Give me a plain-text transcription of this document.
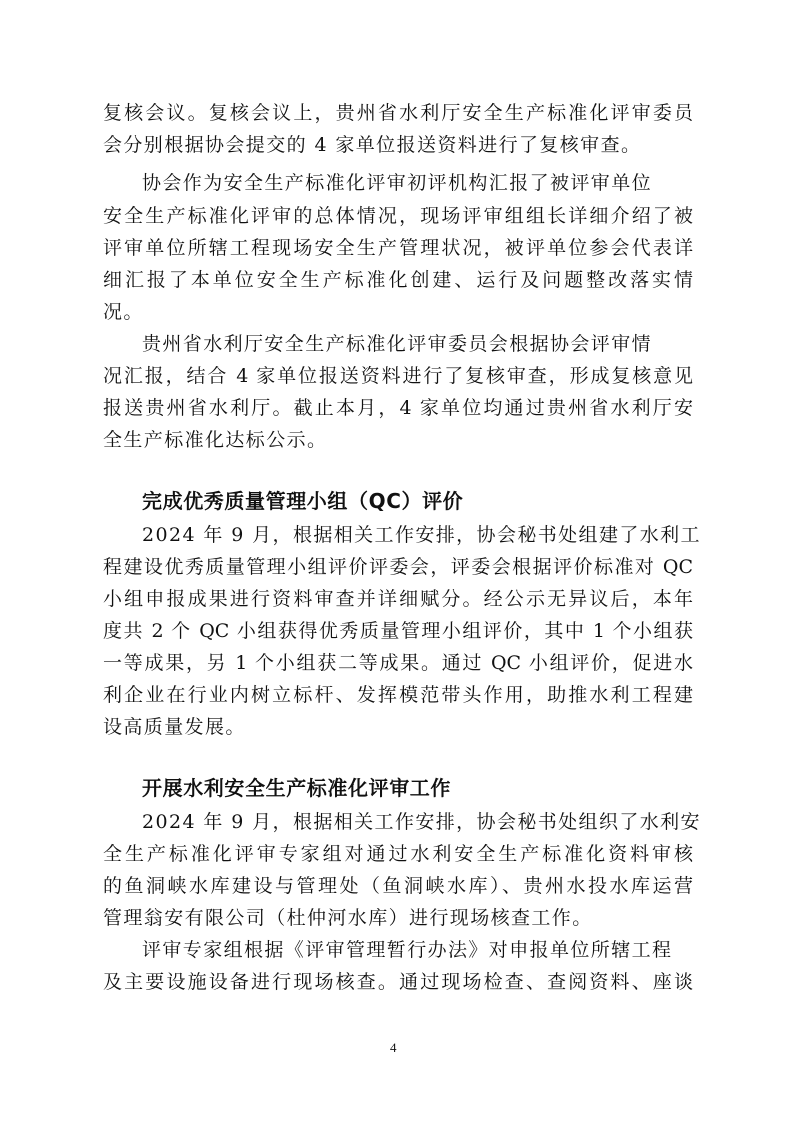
复核会议。复核会议上，贵州省水利厅安全生产标准化评审委员
会分别根据协会提交的 4 家单位报送资料进行了复核审查。
协会作为安全生产标准化评审初评机构汇报了被评审单位
安全生产标准化评审的总体情况，现场评审组组长详细介绍了被
评审单位所辖工程现场安全生产管理状况，被评单位参会代表详
细汇报了本单位安全生产标准化创建、运行及问题整改落实情
况。
贵州省水利厅安全生产标准化评审委员会根据协会评审情
况汇报，结合 4 家单位报送资料进行了复核审查，形成复核意见
报送贵州省水利厅。截止本月，4 家单位均通过贵州省水利厅安
全生产标准化达标公示。
完成优秀质量管理小组（QC）评价
2024 年 9 月，根据相关工作安排，协会秘书处组建了水利工
程建设优秀质量管理小组评价评委会，评委会根据评价标准对 QC
小组申报成果进行资料审查并详细赋分。经公示无异议后，本年
度共 2 个 QC 小组获得优秀质量管理小组评价，其中 1 个小组获
一等成果，另 1 个小组获二等成果。通过 QC 小组评价，促进水
利企业在行业内树立标杆、发挥模范带头作用，助推水利工程建
设高质量发展。
开展水利安全生产标准化评审工作
2024 年 9 月，根据相关工作安排，协会秘书处组织了水利安
全生产标准化评审专家组对通过水利安全生产标准化资料审核
的鱼洞峡水库建设与管理处（鱼洞峡水库）、贵州水投水库运营
管理翁安有限公司（杜仲河水库）进行现场核查工作。
评审专家组根据《评审管理暂行办法》对申报单位所辖工程
及主要设施设备进行现场核查。通过现场检查、查阅资料、座谈
4
